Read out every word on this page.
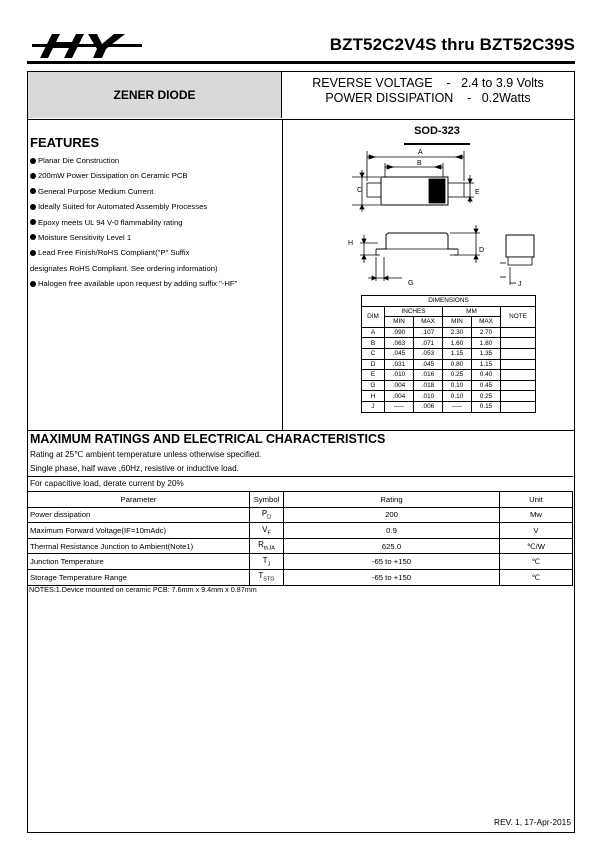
HY
BZT52C2V4S thru BZT52C39S
ZENER DIODE
REVERSE VOLTAGE    -   2.4 to 3.9 Volts
POWER DISSIPATION    -   0.2Watts
FEATURES
Planar Die Construction
200mW Power Dissipation on Ceramic PCB
General Purpose Medium Current
Ideally Suited for Automated Assembly Processes
Epoxy meets UL 94 V-0 flammability rating
Moisture Sensitivity Level 1
Lead Free Finish/RoHS Compliant("P" Suffix
designates RoHS Compliant. See ordering information)
Halogen free available upon request by adding suffix "-HF"
SOD-323
A
B
C	E
H
D
G	J
DIMENSIONS					
DIM	INCHES		MM		NOTE
	MIN	MAX	MIN	MAX	
A	.090	.107	2.30	2.70	
B	.063	.071	1.60	1.80	
C	.045	.053	1.15	1.35	
D	.031	.045	0.80	1.15	
E	.010	.016	0.25	0.40	
G	.004	.018	0.10	0.45	
H	.004	.010	0.10	0.25	
J	-----	.006	-----	0.15	
MAXIMUM RATINGS AND ELECTRICAL CHARACTERISTICS
Rating at 25℃ ambient temperature unless otherwise specified.
Single phase, half wave ,60Hz, resistive or inductive load.
For capacitive load, derate current by 20%
Parameter	Symbol	Rating	Unit
Power dissipation	$P_D$	200	Mw
Maximum Forward Voltage(IF=10mAdc)	$V_F$	0.9	V
Thermal Resistance Junction to Ambient(Note1)	$R_{thJA}$	625.0	℃/W
Junction Temperature	$T_J$	-65 to +150	℃
Storage Temperature Range	$T_{STG}$	-65 to +150	℃
NOTES:1.Device mounted on ceramic PCB: 7.6mm x 9.4mm x 0.87mm
REV. 1, 17-Apr-2015
